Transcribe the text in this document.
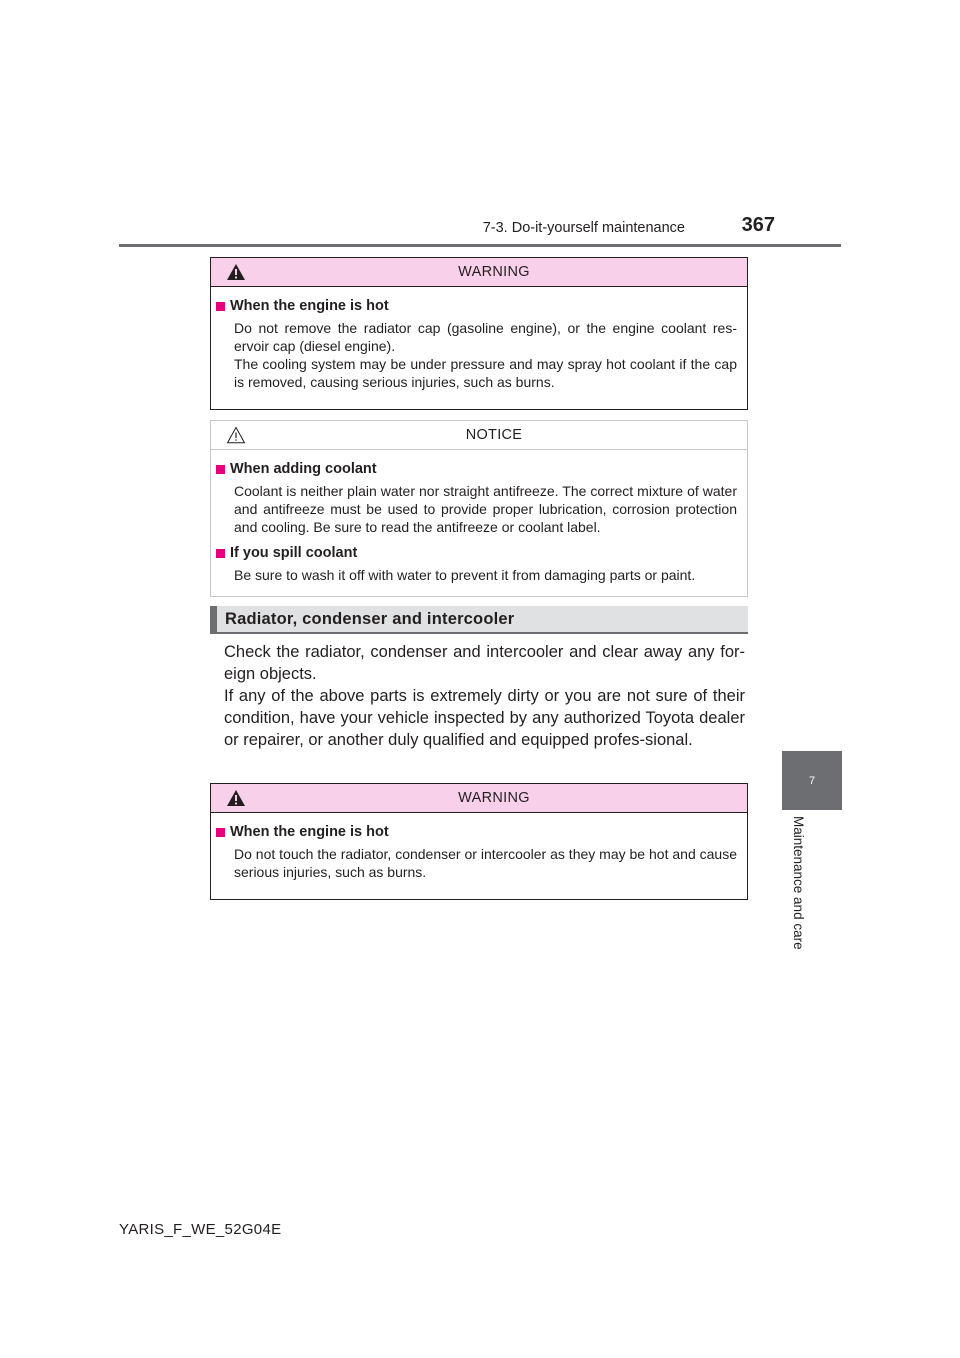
7-3. Do-it-yourself maintenance	367
7
Maintenance and care
WARNING
When the engine is hot

Do not remove the radiator cap (gasoline engine), or the engine coolant res-ervoir cap (diesel engine).

The cooling system may be under pressure and may spray hot coolant if the cap is removed, causing serious injuries, such as burns.

NOTICE
When adding coolant

Coolant is neither plain water nor straight antifreeze. The correct mixture of water and antifreeze must be used to provide proper lubrication, corrosion protection and cooling. Be sure to read the antifreeze or coolant label.

If you spill coolant

Be sure to wash it off with water to prevent it from damaging parts or paint.

Radiator, condenser and intercooler

Check the radiator, condenser and intercooler and clear away any for-eign objects.

If any of the above parts is extremely dirty or you are not sure of their condition, have your vehicle inspected by any authorized Toyota dealer or repairer, or another duly qualified and equipped profes-sional.

WARNING
When the engine is hot

Do not touch the radiator, condenser or intercooler as they may be hot and cause serious injuries, such as burns.

YARIS_F_WE_52G04E
